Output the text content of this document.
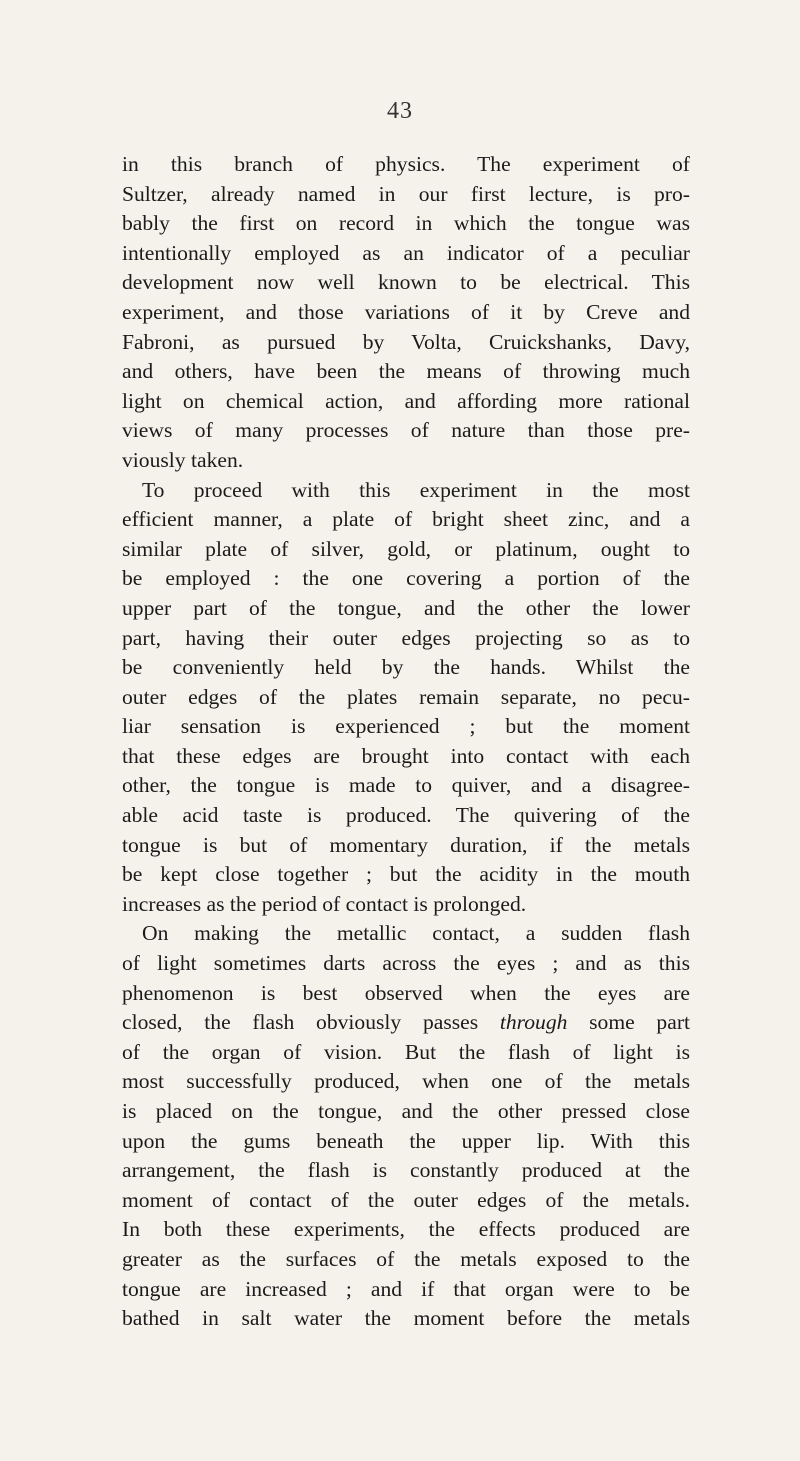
43
in this branch of physics. The experiment of
Sultzer, already named in our first lecture, is pro-
bably the first on record in which the tongue was
intentionally employed as an indicator of a peculiar
development now well known to be electrical. This
experiment, and those variations of it by Creve and
Fabroni, as pursued by Volta, Cruickshanks, Davy,
and others, have been the means of throwing much
light on chemical action, and affording more rational
views of many processes of nature than those pre-
viously taken.
To proceed with this experiment in the most
efficient manner, a plate of bright sheet zinc, and a
similar plate of silver, gold, or platinum, ought to
be employed : the one covering a portion of the
upper part of the tongue, and the other the lower
part, having their outer edges projecting so as to
be conveniently held by the hands. Whilst the
outer edges of the plates remain separate, no pecu-
liar sensation is experienced ; but the moment
that these edges are brought into contact with each
other, the tongue is made to quiver, and a disagree-
able acid taste is produced. The quivering of the
tongue is but of momentary duration, if the metals
be kept close together ; but the acidity in the mouth
increases as the period of contact is prolonged.
On making the metallic contact, a sudden flash
of light sometimes darts across the eyes ; and as this
phenomenon is best observed when the eyes are
closed, the flash obviously passes through some part
of the organ of vision. But the flash of light is
most successfully produced, when one of the metals
is placed on the tongue, and the other pressed close
upon the gums beneath the upper lip. With this
arrangement, the flash is constantly produced at the
moment of contact of the outer edges of the metals.
In both these experiments, the effects produced are
greater as the surfaces of the metals exposed to the
tongue are increased ; and if that organ were to be
bathed in salt water the moment before the metals
